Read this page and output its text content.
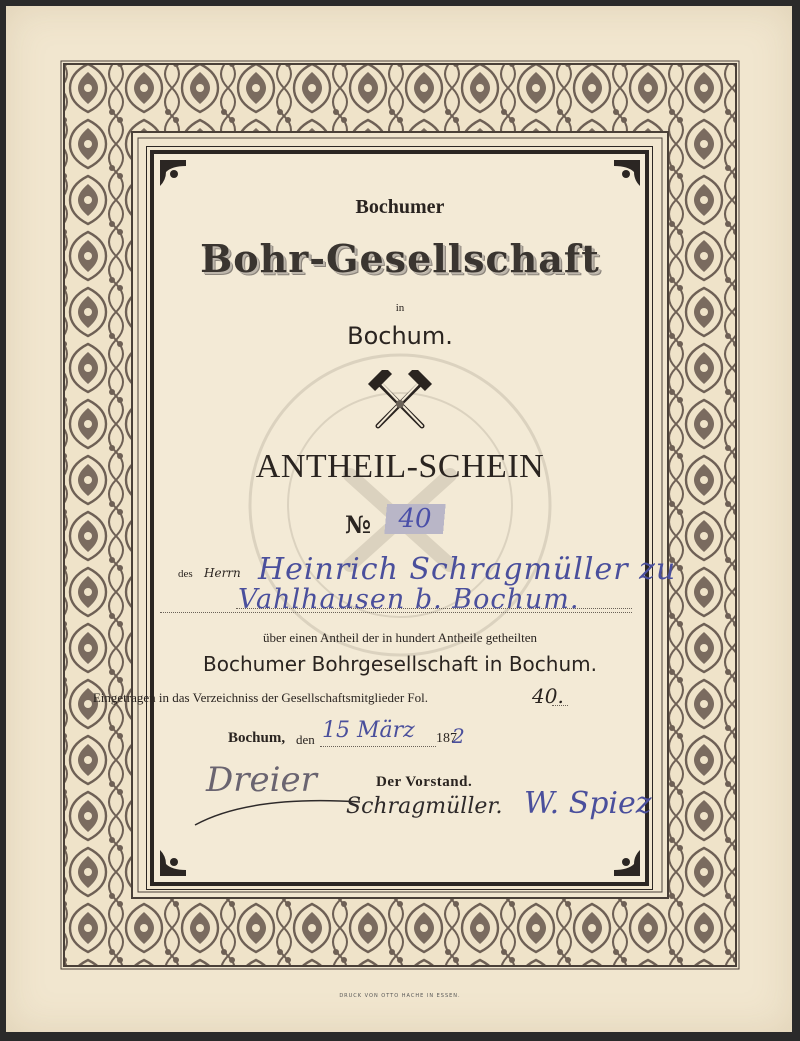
Bochumer
Bohr-Gesellschaft
in
Bochum.
ANTHEIL-SCHEIN
№	40
des Herrn Heinrich Schragmüller zu
Vahlhausen b. Bochum.
über einen Antheil der in hundert Antheile getheilten
Bochumer Bohrgesellschaft in Bochum.
Eingetragen in das Verzeichniss der Gesellschaftsmitglieder Fol.	40.
Bochum, den 15 März 187
2
Der Vorstand.
Dreier
Schragmüller. W. Spiez
DRUCK VON OTTO HACHE IN ESSEN.
